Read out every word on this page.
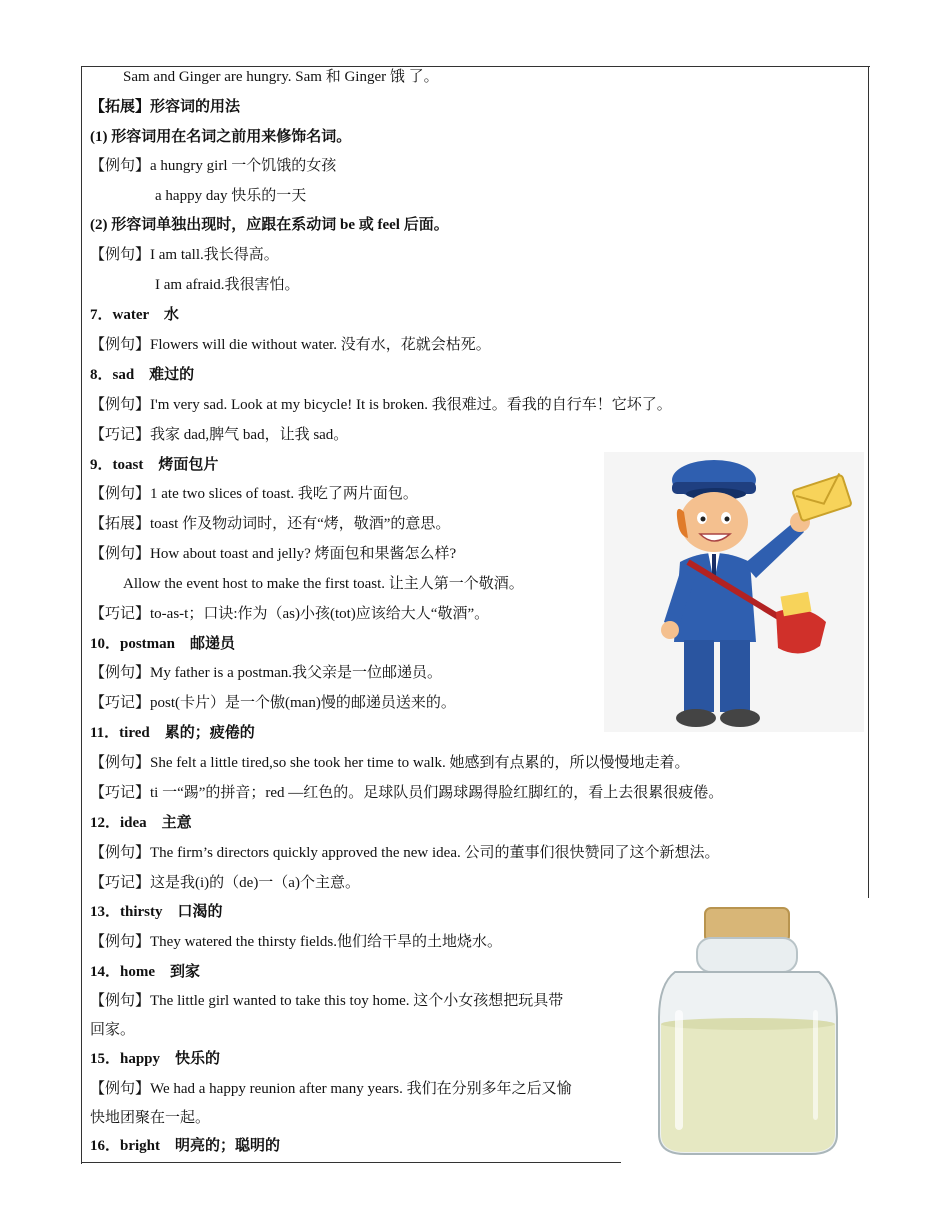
Sam and Ginger are hungry. Sam 和 Ginger 饿 了。
【拓展】形容词的用法
(1) 形容词用在名词之前用来修饰名词。
【例句】a hungry girl 一个饥饿的女孩
a happy day 快乐的一天
(2) 形容词单独出现时，应跟在系动词 be 或 feel 后面。
【例句】I am tall.我长得高。
I am afraid.我很害怕。
7．water　水
【例句】Flowers will die without water. 没有水，花就会枯死。
8．sad　难过的
【例句】I'm very sad. Look at my bicycle! It is broken. 我很难过。看我的自行车！它坏了。
【巧记】我家 dad,脾气 bad，让我 sad。
9．toast　烤面包片
【例句】1 ate two slices of toast. 我吃了两片面包。
【拓展】toast 作及物动词时，还有“烤，敬酒”的意思。
【例句】How about toast and jelly? 烤面包和果酱怎么样?
Allow the event host to make the first toast. 让主人第一个敬酒。
【巧记】to-as-t；口诀:作为（as)小孩(tot)应该给大人“敬酒”。
10．postman　邮递员
【例句】My father is a postman.我父亲是一位邮递员。
【巧记】post(卡片）是一个傲(man)慢的邮递员送来的。
11．tired　累的；疲倦的
【例句】She felt a little tired,so she took her time to walk. 她感到有点累的，所以慢慢地走着。
【巧记】ti 一“踢”的拼音；red —红色的。足球队员们踢球踢得脸红脚红的，看上去很累很疲倦。
12．idea　主意
【例句】The firm’s directors quickly approved the new idea. 公司的董事们很快赞同了这个新想法。
【巧记】这是我(i)的（de)一（a)个主意。
13．thirsty　口渴的
【例句】They watered the thirsty fields.他们给干旱的土地烧水。
14．home　到家
【例句】The little girl wanted to take this toy home. 这个小女孩想把玩具带
回家。
15．happy　快乐的
【例句】We had a happy reunion after many years. 我们在分别多年之后又愉
快地团聚在一起。
16．bright　明亮的；聪明的
